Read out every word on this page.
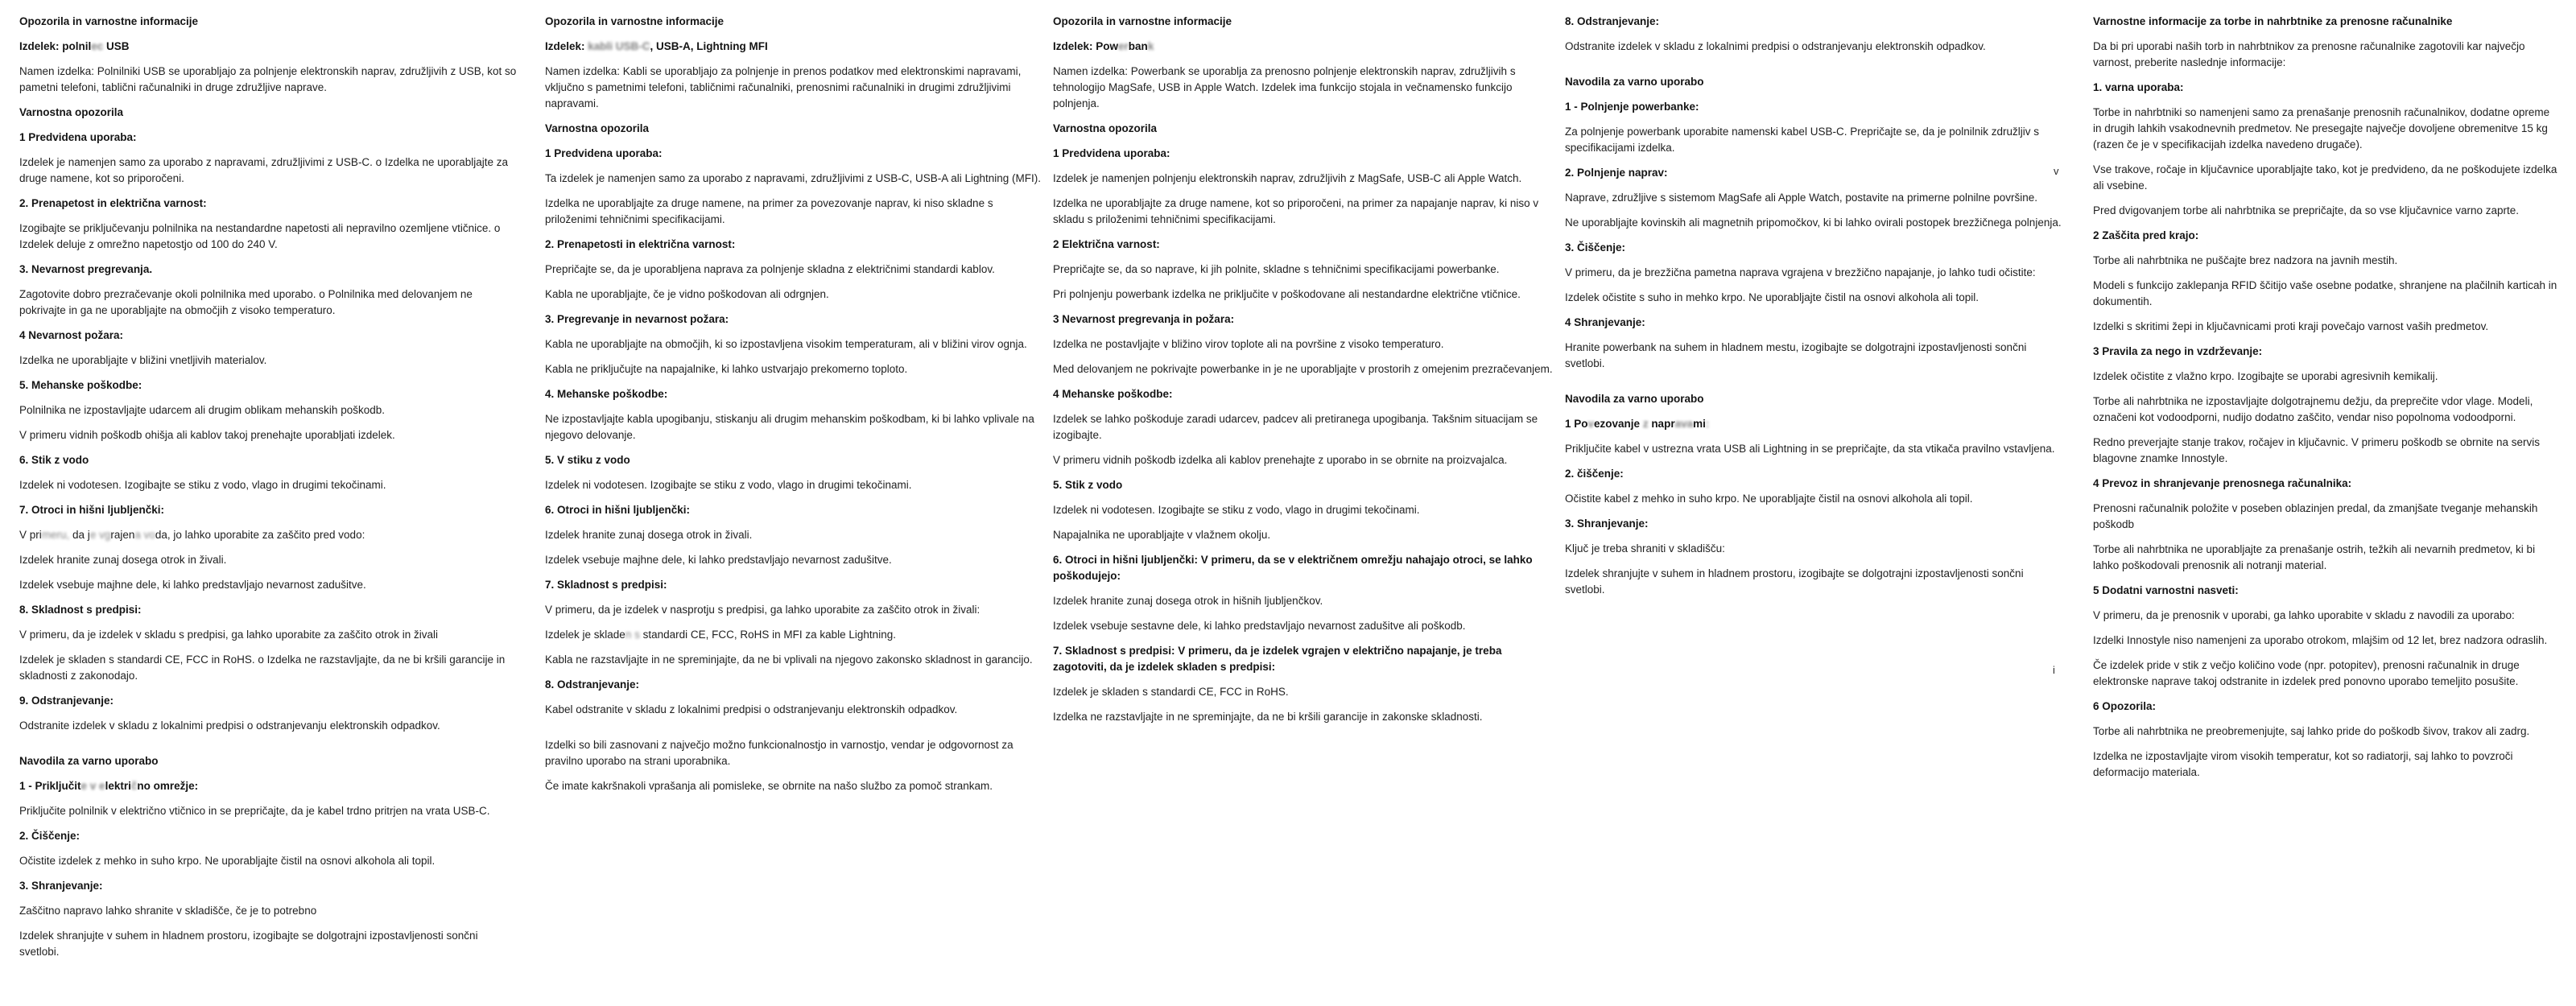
Opozorila in varnostne informacije

Izdelek: polnilec USB

Namen izdelka: Polnilniki USB se uporabljajo za polnjenje elektronskih naprav, združljivih z USB, kot so pametni telefoni, tablični računalniki in druge združljive naprave.

Varnostna opozorila

1 Predvidena uporaba:

Izdelek je namenjen samo za uporabo z napravami, združljivimi z USB-C. o Izdelka ne uporabljajte za druge namene, kot so priporočeni.

2. Prenapetost in električna varnost:

Izogibajte se priključevanju polnilnika na nestandardne napetosti ali nepravilno ozemljene vtičnice. o Izdelek deluje z omrežno napetostjo od 100 do 240 V.

3. Nevarnost pregrevanja.

Zagotovite dobro prezračevanje okoli polnilnika med uporabo. o Polnilnika med delovanjem ne pokrivajte in ga ne uporabljajte na območjih z visoko temperaturo.

4 Nevarnost požara:

Izdelka ne uporabljajte v bližini vnetljivih materialov.

5. Mehanske poškodbe:

Polnilnika ne izpostavljajte udarcem ali drugim oblikam mehanskih poškodb.

V primeru vidnih poškodb ohišja ali kablov takoj prenehajte uporabljati izdelek.

6. Stik z vodo

Izdelek ni vodotesen. Izogibajte se stiku z vodo, vlago in drugimi tekočinami.

7. Otroci in hišni ljubljenčki:

V primeru, da je vgrajena voda, jo lahko uporabite za zaščito pred vodo:

Izdelek hranite zunaj dosega otrok in živali.

Izdelek vsebuje majhne dele, ki lahko predstavljajo nevarnost zadušitve.

8. Skladnost s predpisi:

V primeru, da je izdelek v skladu s predpisi, ga lahko uporabite za zaščito otrok in živali

Izdelek je skladen s standardi CE, FCC in RoHS. o Izdelka ne razstavljajte, da ne bi kršili garancije in skladnosti z zakonodajo.

9. Odstranjevanje:

Odstranite izdelek v skladu z lokalnimi predpisi o odstranjevanju elektronskih odpadkov.

Navodila za varno uporabo

1 - Priključite v električno omrežje:

Priključite polnilnik v električno vtičnico in se prepričajte, da je kabel trdno pritrjen na vrata USB-C.

2. Čiščenje:

Očistite izdelek z mehko in suho krpo. Ne uporabljajte čistil na osnovi alkohola ali topil.

3. Shranjevanje:

Zaščitno napravo lahko shranite v skladišče, če je to potrebno

Izdelek shranjujte v suhem in hladnem prostoru, izogibajte se dolgotrajni izpostavljenosti sončni svetlobi.

Opozorila in varnostne informacije

Izdelek: kabli USB-C, USB-A, Lightning MFI

Namen izdelka: Kabli se uporabljajo za polnjenje in prenos podatkov med elektronskimi napravami, vključno s pametnimi telefoni, tabličnimi računalniki, prenosnimi računalniki in drugimi združljivimi napravami.

Varnostna opozorila

1 Predvidena uporaba:

Ta izdelek je namenjen samo za uporabo z napravami, združljivimi z USB-C, USB-A ali Lightning (MFI).

Izdelka ne uporabljajte za druge namene, na primer za povezovanje naprav, ki niso skladne s priloženimi tehničnimi specifikacijami.

2. Prenapetosti in električna varnost:

Prepričajte se, da je uporabljena naprava za polnjenje skladna z električnimi standardi kablov.

Kabla ne uporabljajte, če je vidno poškodovan ali odrgnjen.

3. Pregrevanje in nevarnost požara:

Kabla ne uporabljajte na območjih, ki so izpostavljena visokim temperaturam, ali v bližini virov ognja.

Kabla ne priključujte na napajalnike, ki lahko ustvarjajo prekomerno toploto.

4. Mehanske poškodbe:

Ne izpostavljajte kabla upogibanju, stiskanju ali drugim mehanskim poškodbam, ki bi lahko vplivale na njegovo delovanje.

5. V stiku z vodo

Izdelek ni vodotesen. Izogibajte se stiku z vodo, vlago in drugimi tekočinami.

6. Otroci in hišni ljubljenčki:

Izdelek hranite zunaj dosega otrok in živali.

Izdelek vsebuje majhne dele, ki lahko predstavljajo nevarnost zadušitve.

7. Skladnost s predpisi:

V primeru, da je izdelek v nasprotju s predpisi, ga lahko uporabite za zaščito otrok in živali:

Izdelek je skladen s standardi CE, FCC, RoHS in MFI za kable Lightning.

Kabla ne razstavljajte in ne spreminjajte, da ne bi vplivali na njegovo zakonsko skladnost in garancijo.

8. Odstranjevanje:

Kabel odstranite v skladu z lokalnimi predpisi o odstranjevanju elektronskih odpadkov.

Izdelki so bili zasnovani z največjo možno funkcionalnostjo in varnostjo, vendar je odgovornost za pravilno uporabo na strani uporabnika.

Če imate kakršnakoli vprašanja ali pomisleke, se obrnite na našo službo za pomoč strankam.

Opozorila in varnostne informacije

Izdelek: Powerbank

Namen izdelka: Powerbank se uporablja za prenosno polnjenje elektronskih naprav, združljivih s tehnologijo MagSafe, USB in Apple Watch. Izdelek ima funkcijo stojala in večnamensko funkcijo polnjenja.

Varnostna opozorila

1 Predvidena uporaba:

Izdelek je namenjen polnjenju elektronskih naprav, združljivih z MagSafe, USB-C ali Apple Watch.

Izdelka ne uporabljajte za druge namene, kot so priporočeni, na primer za napajanje naprav, ki niso v skladu s priloženimi tehničnimi specifikacijami.

2 Električna varnost:

Prepričajte se, da so naprave, ki jih polnite, skladne s tehničnimi specifikacijami powerbanke.

Pri polnjenju powerbank izdelka ne priključite v poškodovane ali nestandardne električne vtičnice.

3 Nevarnost pregrevanja in požara:

Izdelka ne postavljajte v bližino virov toplote ali na površine z visoko temperaturo.

Med delovanjem ne pokrivajte powerbanke in je ne uporabljajte v prostorih z omejenim prezračevanjem.

4 Mehanske poškodbe:

Izdelek se lahko poškoduje zaradi udarcev, padcev ali pretiranega upogibanja. Takšnim situacijam se izogibajte.

V primeru vidnih poškodb izdelka ali kablov prenehajte z uporabo in se obrnite na proizvajalca.

5. Stik z vodo

Izdelek ni vodotesen. Izogibajte se stiku z vodo, vlago in drugimi tekočinami.

Napajalnika ne uporabljajte v vlažnem okolju.

6. Otroci in hišni ljubljenčki: V primeru, da se v električnem omrežju nahajajo otroci, se lahko poškodujejo:

Izdelek hranite zunaj dosega otrok in hišnih ljubljenčkov.

Izdelek vsebuje sestavne dele, ki lahko predstavljajo nevarnost zadušitve ali poškodb.

7. Skladnost s predpisi: V primeru, da je izdelek vgrajen v električno napajanje, je treba zagotoviti, da je izdelek skladen s predpisi:

Izdelek je skladen s standardi CE, FCC in RoHS.

Izdelka ne razstavljajte in ne spreminjajte, da ne bi kršili garancije in zakonske skladnosti.

8. Odstranjevanje:

Odstranite izdelek v skladu z lokalnimi predpisi o odstranjevanju elektronskih odpadkov.

Navodila za varno uporabo

1 - Polnjenje powerbanke:

Za polnjenje powerbank uporabite namenski kabel USB-C. Prepričajte se, da je polnilnik združljiv s specifikacijami izdelka.

2. Polnjenje naprav:

Naprave, združljive s sistemom MagSafe ali Apple Watch, postavite na primerne polnilne površine.

Ne uporabljajte kovinskih ali magnetnih pripomočkov, ki bi lahko ovirali postopek brezžičnega polnjenja.

3. Čiščenje:

V primeru, da je brezžična pametna naprava vgrajena v brezžično napajanje, jo lahko tudi očistite:

Izdelek očistite s suho in mehko krpo. Ne uporabljajte čistil na osnovi alkohola ali topil.

4 Shranjevanje:

Hranite powerbank na suhem in hladnem mestu, izogibajte se dolgotrajni izpostavljenosti sončni svetlobi.

Navodila za varno uporabo

1 Povezovanje z napravami:

Priključite kabel v ustrezna vrata USB ali Lightning in se prepričajte, da sta vtikača pravilno vstavljena.

2. čiščenje:

Očistite kabel z mehko in suho krpo. Ne uporabljajte čistil na osnovi alkohola ali topil.

3. Shranjevanje:

Ključ je treba shraniti v skladišču:

Izdelek shranjujte v suhem in hladnem prostoru, izogibajte se dolgotrajni izpostavljenosti sončni svetlobi.

Varnostne informacije za torbe in nahrbtnike za prenosne računalnike

Da bi pri uporabi naših torb in nahrbtnikov za prenosne računalnike zagotovili kar največjo varnost, preberite naslednje informacije:

1. varna uporaba:

Torbe in nahrbtniki so namenjeni samo za prenašanje prenosnih računalnikov, dodatne opreme in drugih lahkih vsakodnevnih predmetov. Ne presegajte največje dovoljene obremenitve 15 kg (razen če je v specifikacijah izdelka navedeno drugače).

Vse trakove, ročaje in ključavnice uporabljajte tako, kot je predvideno, da ne poškodujete izdelka ali vsebine.

Pred dvigovanjem torbe ali nahrbtnika se prepričajte, da so vse ključavnice varno zaprte.

2 Zaščita pred krajo:

Torbe ali nahrbtnika ne puščajte brez nadzora na javnih mestih.

Modeli s funkcijo zaklepanja RFID ščitijo vaše osebne podatke, shranjene na plačilnih karticah in dokumentih.

Izdelki s skritimi žepi in ključavnicami proti kraji povečajo varnost vaših predmetov.

3 Pravila za nego in vzdrževanje:

Izdelek očistite z vlažno krpo. Izogibajte se uporabi agresivnih kemikalij.

Torbe ali nahrbtnika ne izpostavljajte dolgotrajnemu dežju, da preprečite vdor vlage. Modeli, označeni kot vodoodporni, nudijo dodatno zaščito, vendar niso popolnoma vodoodporni.

Redno preverjajte stanje trakov, ročajev in ključavnic. V primeru poškodb se obrnite na servis blagovne znamke Innostyle.

4 Prevoz in shranjevanje prenosnega računalnika:

Prenosni računalnik položite v poseben oblazinjen predal, da zmanjšate tveganje mehanskih poškodb

Torbe ali nahrbtnika ne uporabljajte za prenašanje ostrih, težkih ali nevarnih predmetov, ki bi lahko poškodovali prenosnik ali notranji material.

5 Dodatni varnostni nasveti:

V primeru, da je prenosnik v uporabi, ga lahko uporabite v skladu z navodili za uporabo:

Izdelki Innostyle niso namenjeni za uporabo otrokom, mlajšim od 12 let, brez nadzora odraslih.

Če izdelek pride v stik z večjo količino vode (npr. potopitev), prenosni računalnik in druge elektronske naprave takoj odstranite in izdelek pred ponovno uporabo temeljito posušite.

6 Opozorila:

Torbe ali nahrbtnika ne preobremenjujte, saj lahko pride do poškodb šivov, trakov ali zadrg.

Izdelka ne izpostavljajte virom visokih temperatur, kot so radiatorji, saj lahko to povzroči deformacijo materiala.

v
i
